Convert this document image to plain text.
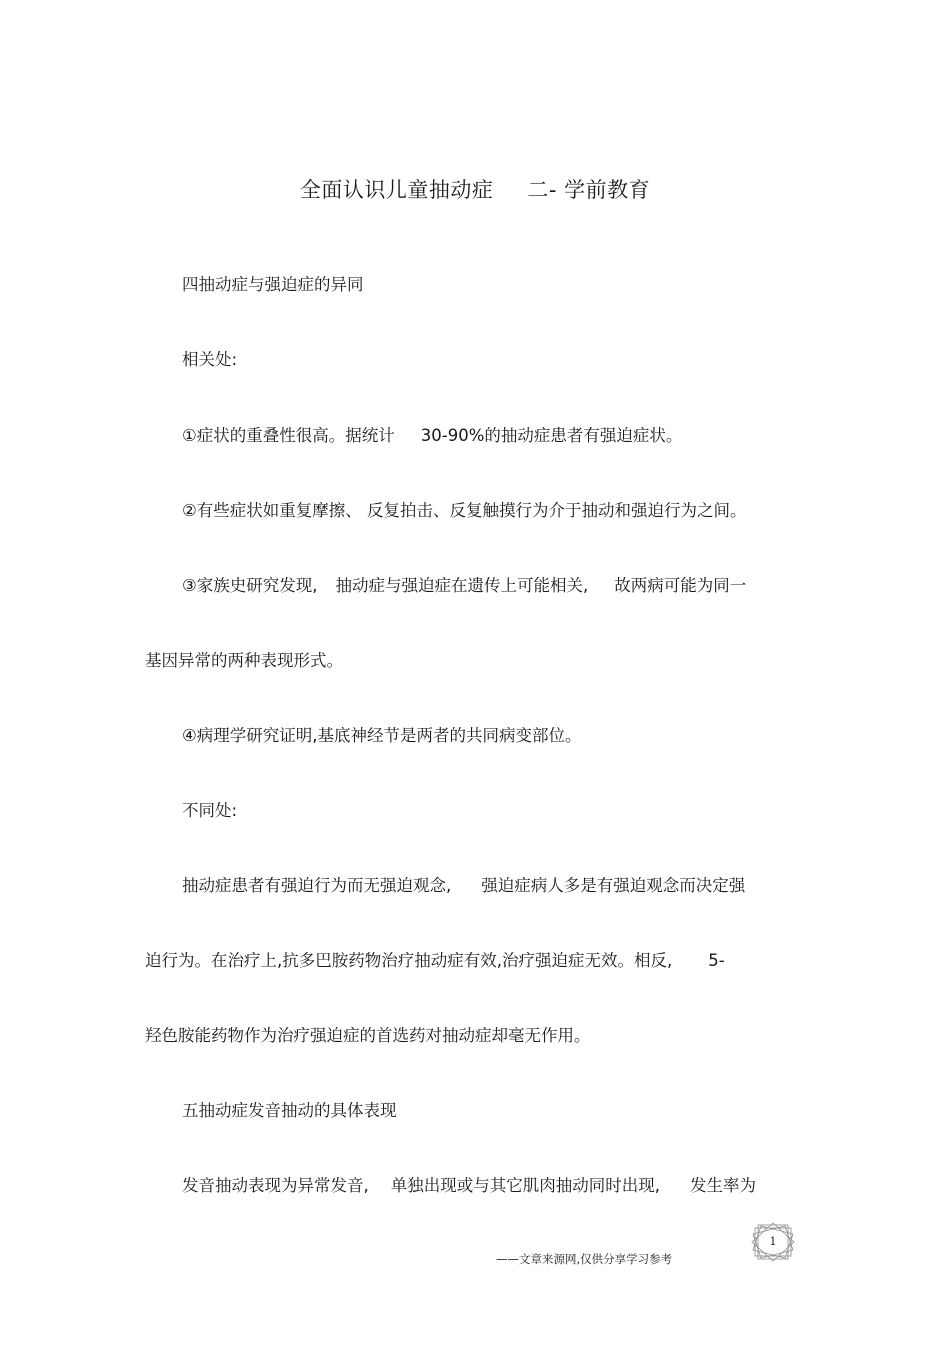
全面认识儿童抽动症 二- 学前教育
四抽动症与强迫症的异同
相关处:
①症状的重叠性很高。据统计 30-90%的抽动症患者有强迫症状。
②有些症状如重复摩擦、 反复拍击、反复触摸行为介于抽动和强迫行为之间。
③家族史研究发现, 抽动症与强迫症在遗传上可能相关, 故两病可能为同一
基因异常的两种表现形式。
④病理学研究证明,基底神经节是两者的共同病变部位。
不同处:
抽动症患者有强迫行为而无强迫观念, 强迫症病人多是有强迫观念而决定强
迫行为。在治疗上,抗多巴胺药物治疗抽动症有效,治疗强迫症无效。相反, 5-
羟色胺能药物作为治疗强迫症的首选药对抽动症却毫无作用。
五抽动症发音抽动的具体表现
发音抽动表现为异常发音, 单独出现或与其它肌肉抽动同时出现, 发生率为
1
——文章来源网,仅供分享学习参考
